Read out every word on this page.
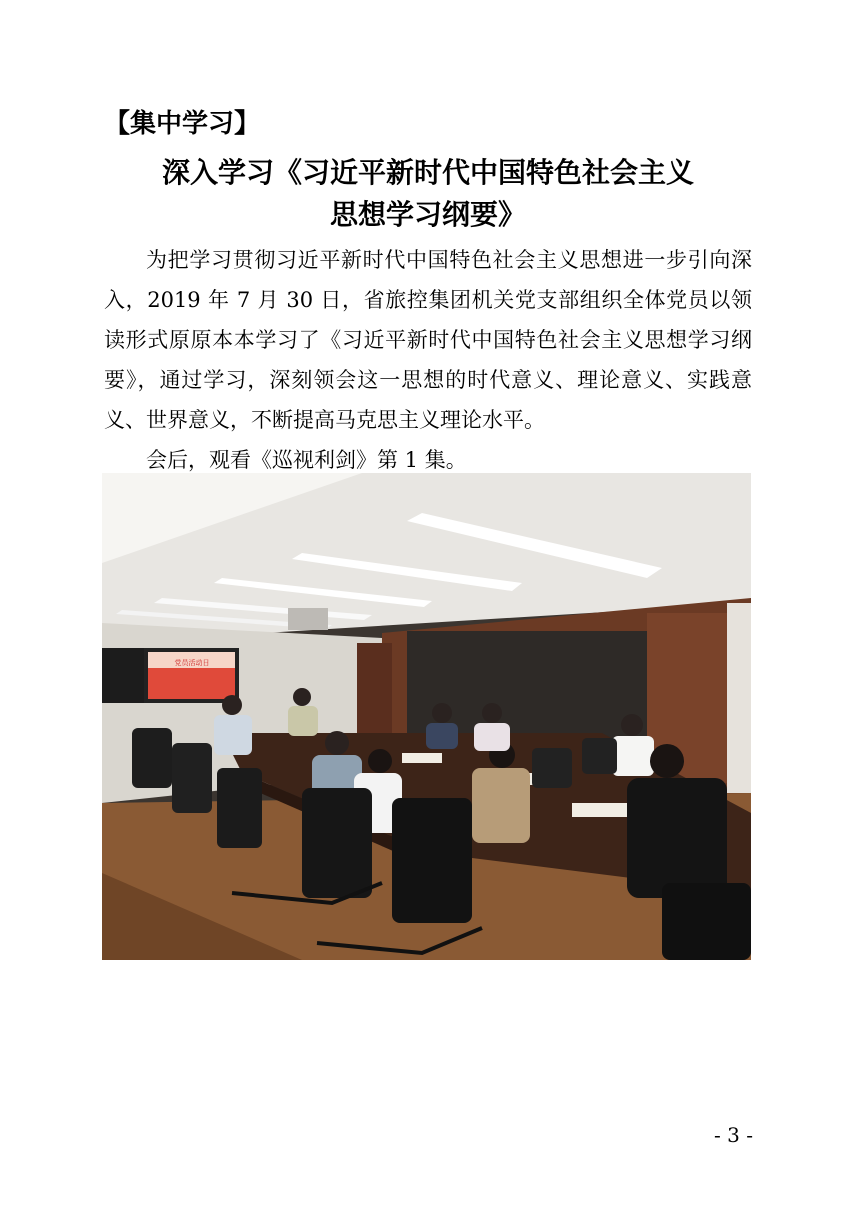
【集中学习】
深入学习《习近平新时代中国特色社会主义
思想学习纲要》

为把学习贯彻习近平新时代中国特色社会主义思想进一步引向深入，2019 年 7 月 30 日，省旅控集团机关党支部组织全体党员以领读形式原原本本学习了《习近平新时代中国特色社会主义思想学习纲要》，通过学习，深刻领会这一思想的时代意义、理论意义、实践意义、世界意义，不断提高马克思主义理论水平。

会后，观看《巡视利剑》第 1 集。

党员活动日
- 3 -
